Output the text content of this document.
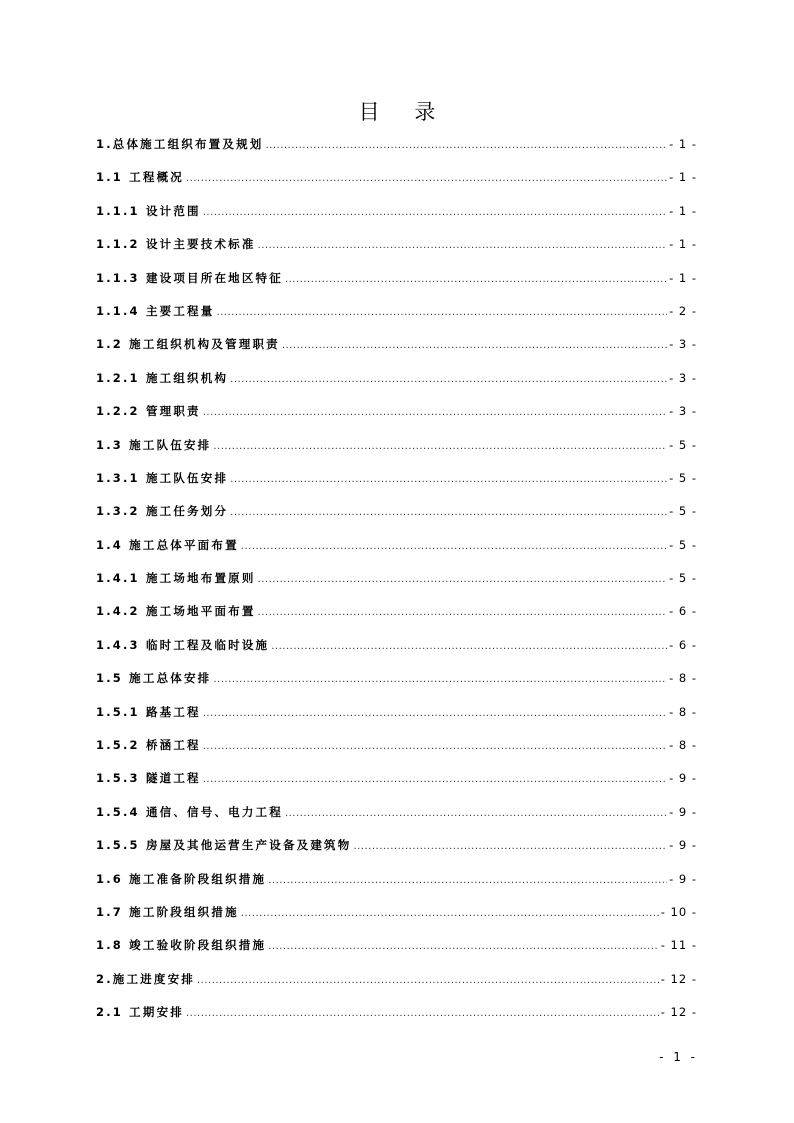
目 录
1.总体施工组织布置及规划 .....	- 1 -
1.1 工程概况 .....	- 1 -
1.1.1 设计范围 .....	- 1 -
1.1.2 设计主要技术标准 .....	- 1 -
1.1.3 建设项目所在地区特征 .....	- 1 -
1.1.4 主要工程量 .....	- 2 -
1.2 施工组织机构及管理职责 .....	- 3 -
1.2.1 施工组织机构 .....	- 3 -
1.2.2 管理职责 .....	- 3 -
1.3 施工队伍安排 .....	- 5 -
1.3.1 施工队伍安排 .....	- 5 -
1.3.2 施工任务划分 .....	- 5 -
1.4 施工总体平面布置 .....	- 5 -
1.4.1 施工场地布置原则 .....	- 5 -
1.4.2 施工场地平面布置 .....	- 6 -
1.4.3 临时工程及临时设施 .....	- 6 -
1.5 施工总体安排 .....	- 8 -
1.5.1 路基工程 .....	- 8 -
1.5.2 桥涵工程 .....	- 8 -
1.5.3 隧道工程 .....	- 9 -
1.5.4 通信、信号、电力工程 .....	- 9 -
1.5.5 房屋及其他运营生产设备及建筑物 .....	- 9 -
1.6 施工准备阶段组织措施 .....	- 9 -
1.7 施工阶段组织措施 .....	- 10 -
1.8 竣工验收阶段组织措施 .....	- 11 -
2.施工进度安排 .....	- 12 -
2.1 工期安排 .....	- 12 -
- 1 -
